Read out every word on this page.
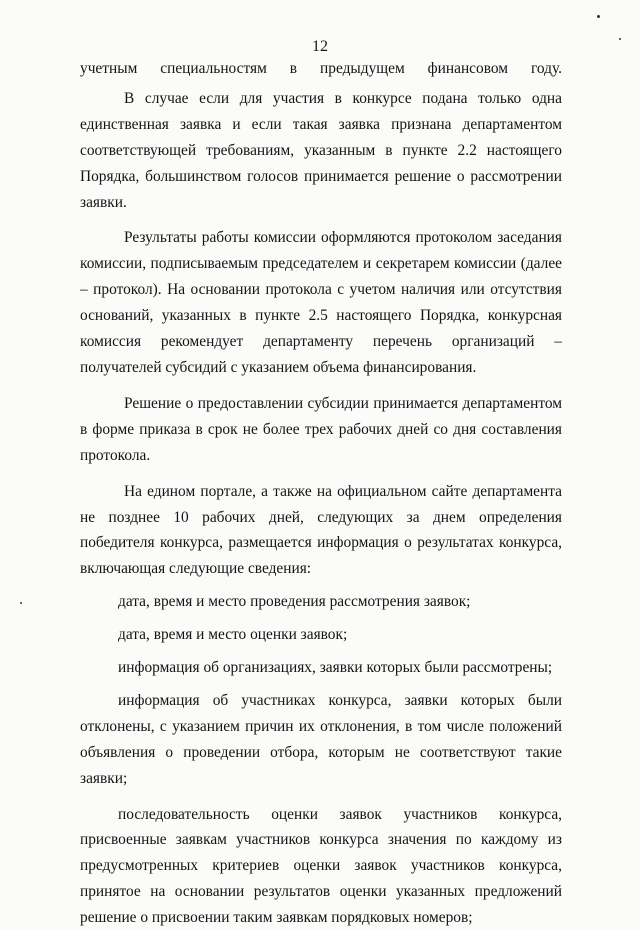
12

учетным специальностям в предыдущем финансовом году.

В случае если для участия в конкурсе подана только одна единственная заявка и если такая заявка признана департаментом соответствующей требованиям, указанным в пункте 2.2 настоящего Порядка, большинством голосов принимается решение о рассмотрении заявки.

Результаты работы комиссии оформляются протоколом заседания комиссии, подписываемым председателем и секретарем комиссии (далее – протокол). На основании протокола с учетом наличия или отсутствия оснований, указанных в пункте 2.5 настоящего Порядка, конкурсная комиссия рекомендует департаменту перечень организаций – получателей субсидий с указанием объема финансирования.

Решение о предоставлении субсидии принимается департаментом в форме приказа в срок не более трех рабочих дней со дня составления протокола.

На едином портале, а также на официальном сайте департамента не позднее 10 рабочих дней, следующих за днем определения победителя конкурса, размещается информация о результатах конкурса, включающая следующие сведения:

дата, время и место проведения рассмотрения заявок;

дата, время и место оценки заявок;

информация об организациях, заявки которых были рассмотрены;

информация об участниках конкурса, заявки которых были отклонены, с указанием причин их отклонения, в том числе положений объявления о проведении отбора, которым не соответствуют такие заявки;

последовательность оценки заявок участников конкурса, присвоенные заявкам участников конкурса значения по каждому из предусмотренных критериев оценки заявок участников конкурса, принятое на основании результатов оценки указанных предложений решение о присвоении таким заявкам порядковых номеров;
